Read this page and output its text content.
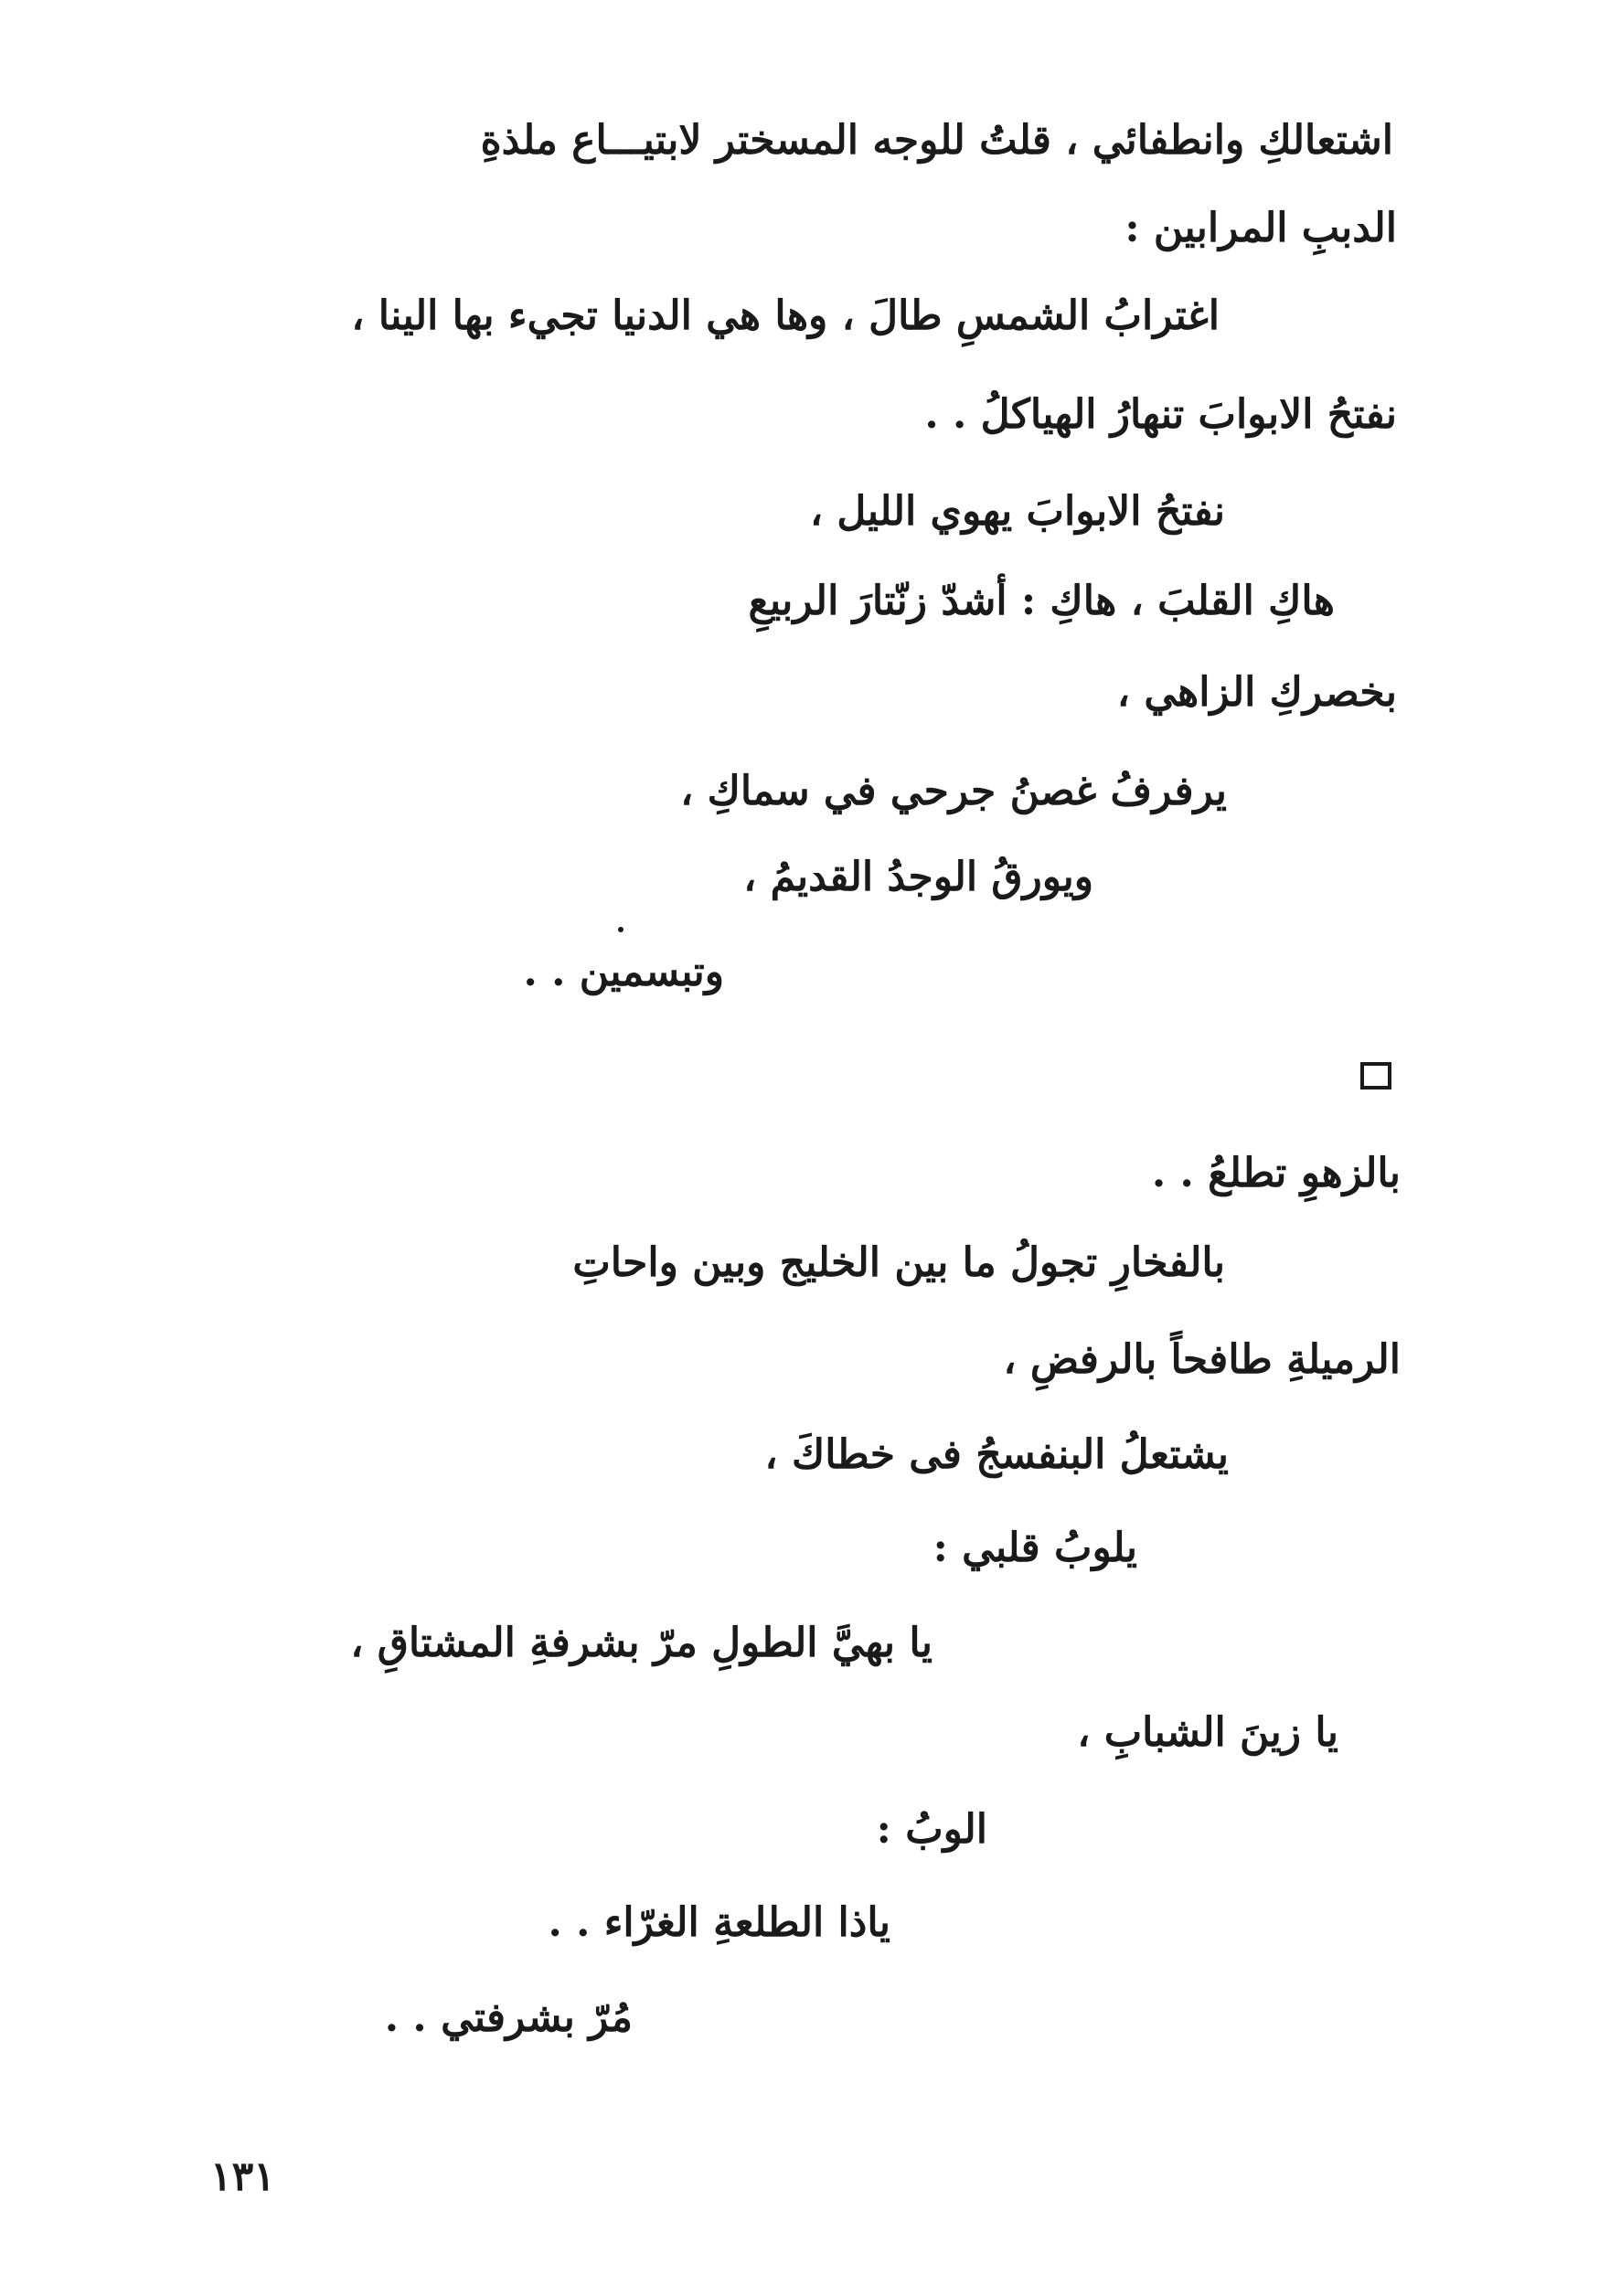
اشتعالكِ وانطفائي ، قلتُ للوجه المسختر لابتيـــاع ملذةِ
الدببِ المرابين :
اغترابُ الشمسِ طالَ ، وها هي الدنيا تجيء بها الينا ،
نفتحُ الابوابَ تنهارُ الهياكلُ . .
نفتحُ الابوابَ يهوي الليل ،
هاكِ القلبَ ، هاكِ : أشدّ زنّتارَ الربيعِ
بخصركِ الزاهي ،
يرفرفُ غصنُ جرحي في سماكِ ،
ويورقُ الوجدُ القديمُ ،
وتبسمين . .
بالزهوِ تطلعُ . .
بالفخارِ تجولُ ما بين الخليج وبين واحاتِ
الرميلةِ طافحاً بالرفضِ ،
يشتعلُ البنفسجُ فى خطاكَ ،
يلوبُ قلبي :
يا بهيَّ الطولِ مرّ بشرفةِ المشتاقِ ،
يا زينَ الشبابِ ،
الوبُ :
ياذا الطلعةِ الغرّاء . .
مُرّ بشرفتي . .
١٣١
